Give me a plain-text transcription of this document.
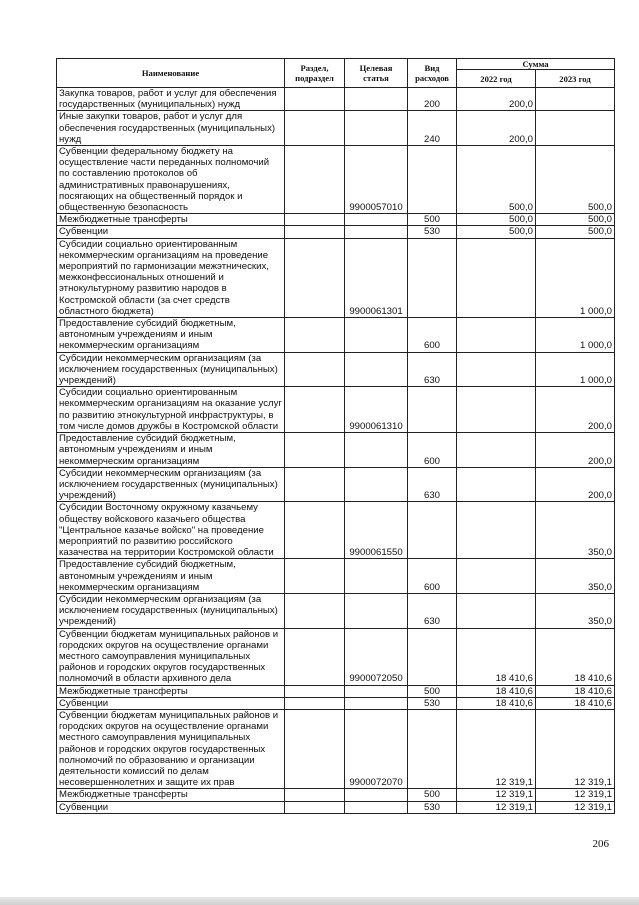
Наименование	Раздел, подраздел	Целевая статья	Вид расходов	Сумма	
				2022 год	2023 год
Закупка товаров, работ и услуг для обеспечения государственных (муниципальных) нужд			200	200,0	
Иные закупки товаров, работ и услуг для обеспечения государственных (муниципальных) нужд			240	200,0	
Субвенции федеральному бюджету на осуществление части переданных полномочий по составлению протоколов об административных правонарушениях, посягающих на общественный порядок и общественную безопасность		9900057010		500,0	500,0
Межбюджетные трансферты			500	500,0	500,0
Субвенции			530	500,0	500,0
Субсидии социально ориентированным некоммерческим организациям на проведение мероприятий по гармонизации межэтнических, межконфессиональных отношений и этнокультурному развитию народов в Костромской области (за счет средств областного бюджета)		9900061301			1 000,0
Предоставление субсидий бюджетным, автономным учреждениям и иным некоммерческим организациям			600		1 000,0
Субсидии некоммерческим организациям (за исключением государственных (муниципальных) учреждений)			630		1 000,0
Субсидии социально ориентированным некоммерческим организациям на оказание услуг по развитию этнокультурной инфраструктуры, в том числе домов дружбы в Костромской области		9900061310			200,0
Предоставление субсидий бюджетным, автономным учреждениям и иным некоммерческим организациям			600		200,0
Субсидии некоммерческим организациям (за исключением государственных (муниципальных) учреждений)			630		200,0
Субсидии Восточному окружному казачьему обществу войскового казачьего общества "Центральное казачье войско" на проведение мероприятий по развитию российского казачества на территории Костромской области		9900061550			350,0
Предоставление субсидий бюджетным, автономным учреждениям и иным некоммерческим организациям			600		350,0
Субсидии некоммерческим организациям (за исключением государственных (муниципальных) учреждений)			630		350,0
Субвенции бюджетам муниципальных районов и городских округов на осуществление органами местного самоуправления муниципальных районов и городских округов государственных полномочий в области архивного дела		9900072050		18 410,6	18 410,6
Межбюджетные трансферты			500	18 410,6	18 410,6
Субвенции			530	18 410,6	18 410,6
Субвенции бюджетам муниципальных районов и городских округов на осуществление органами местного самоуправления муниципальных районов и городских округов государственных полномочий по образованию и организации деятельности комиссий по делам несовершеннолетних и защите их прав		9900072070		12 319,1	12 319,1
Межбюджетные трансферты			500	12 319,1	12 319,1
Субвенции			530	12 319,1	12 319,1
206
